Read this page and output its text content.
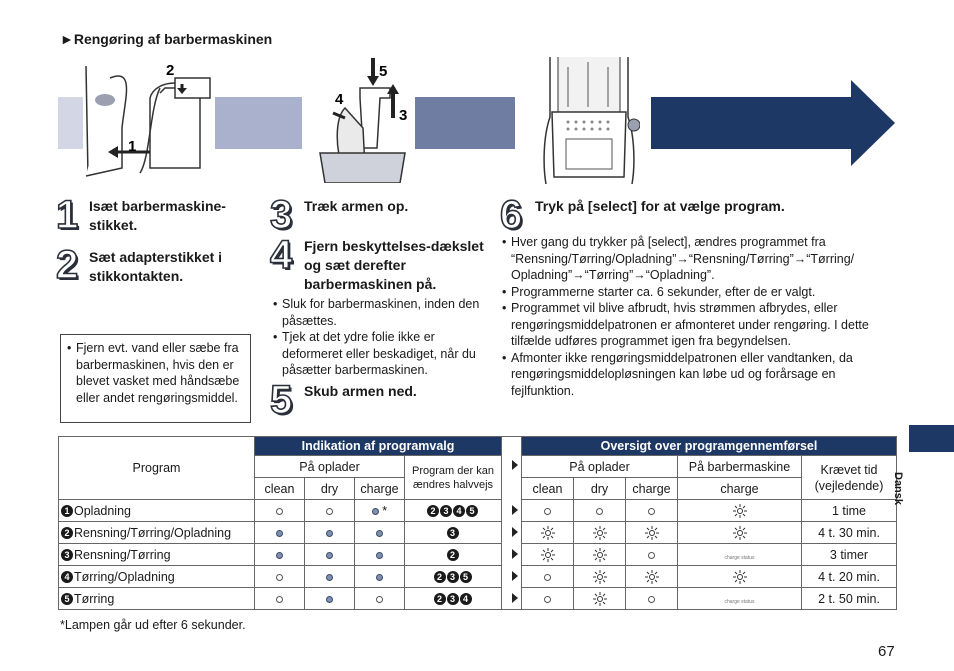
►Rengøring af barbermaskinen
1
2	5
4
3
1
2
3
4
5
6
Isæt barbermaskine-stikket.
Sæt adapterstikket i stikkontakten.
Træk armen op.
Fjern beskyttelses-dækslet og sæt derefter barbermaskinen på.
Skub armen ned.
Tryk på [select] for at vælge program.
• Sluk for barbermaskinen, inden den påsættes.
• Tjek at det ydre folie ikke er deformeret eller beskadiget, når du påsætter barbermaskinen.
• Hver gang du trykker på [select], ændres programmet fra “Rensning/Tørring/Opladning”→“Rensning/Tørring”→“Tørring/ Opladning”→“Tørring”→“Opladning”.
• Programmerne starter ca. 6 sekunder, efter de er valgt.
• Programmet vil blive afbrudt, hvis strømmen afbrydes, eller rengøringsmiddelpatronen er afmonteret under rengøring. I dette tilfælde udføres programmet igen fra begyndelsen.
• Afmonter ikke rengøringsmiddelpatronen eller vandtanken, da rengøringsmiddelopløsningen kan løbe ud og forårsage en fejlfunktion.
• Fjern evt. vand eller sæbe fra barbermaskinen, hvis den er blevet vasket med håndsæbe eller andet rengøringsmiddel.
Program	Indikation af programvalg					Oversigt over programgennemførsel				
	På oplader			Program der kan ændres halvvejs		På oplader			På barbermaskine	Krævet tid (vejledende)
	clean	dry	charge			clean	dry	charge	charge	
1 Opladning			*	2 3 4 5						1 time
2 Rensning/Tørring/Opladning				3						4 t. 30 min.
3 Rensning/Tørring				2					charge status	3 timer
4 Tørring/Opladning				2 3 5						4 t. 20 min.
5 Tørring				2 3 4					charge status	2 t. 50 min.
*Lampen går ud efter 6 sekunder.
Dansk
67
